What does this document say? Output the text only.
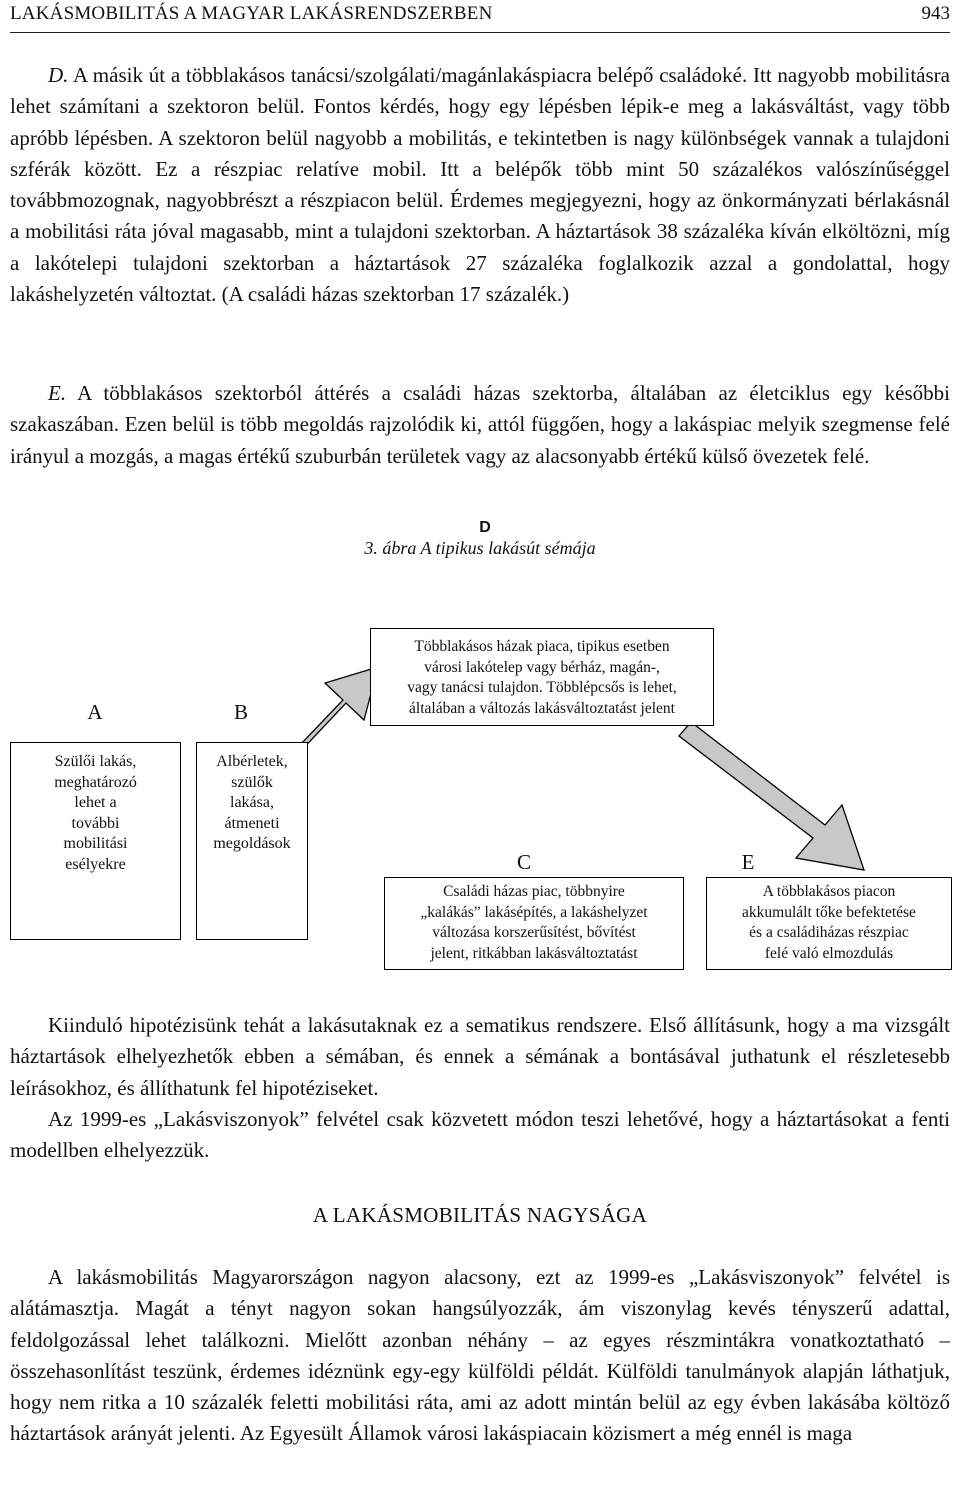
LAKÁSMOBILITÁS A MAGYAR LAKÁSRENDSZERBEN	943
D. A másik út a többlakásos tanácsi/szolgálati/magánlakáspiacra belépő családoké. Itt nagyobb mobilitásra lehet számítani a szektoron belül. Fontos kérdés, hogy egy lépésben lépik-e meg a lakásváltást, vagy több apróbb lépésben. A szektoron belül nagyobb a mobilitás, e tekintetben is nagy különbségek vannak a tulajdoni szférák között. Ez a részpiac relatíve mobil. Itt a belépők több mint 50 százalékos valószínűséggel továbbmozognak, nagyobbrészt a részpiacon belül. Érdemes megjegyezni, hogy az önkormányzati bérlakásnál a mobilitási ráta jóval magasabb, mint a tulajdoni szektorban. A háztartások 38 százaléka kíván elköltözni, míg a lakótelepi tulajdoni szektorban a háztartások 27 százaléka foglalkozik azzal a gondolattal, hogy lakáshelyzetén változtat. (A családi házas szektorban 17 százalék.)
E. A többlakásos szektorból áttérés a családi házas szektorba, általában az életciklus egy későbbi szakaszában. Ezen belül is több megoldás rajzolódik ki, attól függően, hogy a lakáspiac melyik szegmense felé irányul a mozgás, a magas értékű szuburbán területek vagy az alacsonyabb értékű külső övezetek felé.
D
3. ábra A tipikus lakásút sémája
A	B
C	E
Szülői lakás,
meghatározó
lehet a
további
mobilitási
esélyekre
Albérletek,
szülők
lakása,
átmeneti
megoldások
Többlakásos házak piaca, tipikus esetben
városi lakótelep vagy bérház, magán-,
vagy tanácsi tulajdon. Többlépcsős is lehet,
általában a változás lakásváltoztatást jelent
Családi házas piac, többnyire
„kalákás” lakásépítés, a lakáshelyzet
változása korszerűsítést, bővítést
jelent, ritkábban lakásváltoztatást
A többlakásos piacon
akkumulált tőke befektetése
és a családiházas részpiac
felé való elmozdulás
Kiinduló hipotézisünk tehát a lakásutaknak ez a sematikus rendszere. Első állításunk, hogy a ma vizsgált háztartások elhelyezhetők ebben a sémában, és ennek a sémának a bontásával juthatunk el részletesebb leírásokhoz, és állíthatunk fel hipotéziseket.
Az 1999-es „Lakásviszonyok” felvétel csak közvetett módon teszi lehetővé, hogy a háztartásokat a fenti modellben elhelyezzük.
A LAKÁSMOBILITÁS NAGYSÁGA
A lakásmobilitás Magyarországon nagyon alacsony, ezt az 1999-es „Lakásviszonyok” felvétel is alátámasztja. Magát a tényt nagyon sokan hangsúlyozzák, ám viszonylag kevés tényszerű adattal, feldolgozással lehet találkozni. Mielőtt azonban néhány – az egyes részmintákra vonatkoztatható – összehasonlítást teszünk, érdemes idéznünk egy-egy külföldi példát. Külföldi tanulmányok alapján láthatjuk, hogy nem ritka a 10 százalék feletti mobilitási ráta, ami az adott mintán belül az egy évben lakásába költöző háztartások arányát jelenti. Az Egyesült Államok városi lakáspiacain közismert a még ennél is maga
